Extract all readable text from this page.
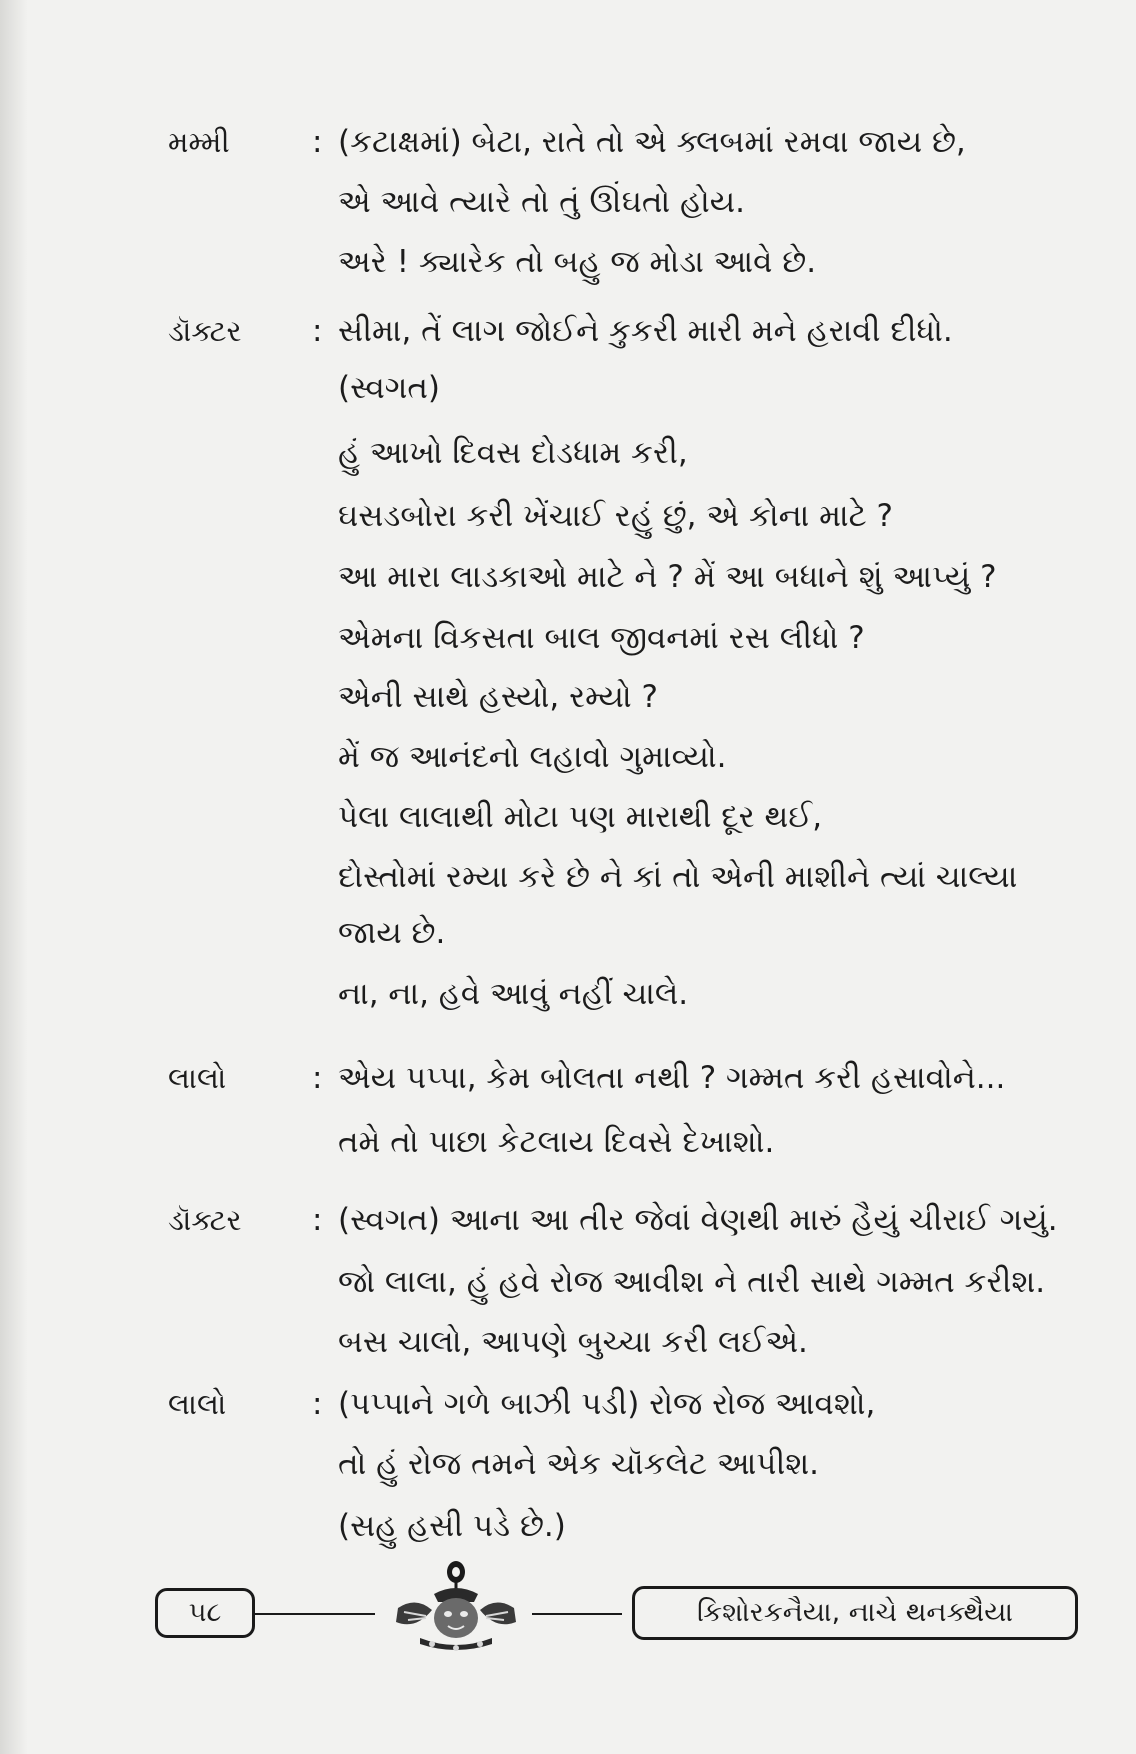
મમ્મી	: (કટાક્ષમાં) બેટા, રાતે તો એ ક્લબમાં રમવા જાય છે,
એ આવે ત્યારે તો તું ઊંઘતો હોય.
અરે ! ક્યારેક તો બહુ જ મોડા આવે છે.
ડૉક્ટર : સીમા, તેં લાગ જોઈને કુકરી મારી મને હરાવી દીધો.
(સ્વગત)
હું આખો દિવસ દોડધામ કરી,
ઘસડબોરા કરી ખેંચાઈ રહું છું, એ કોના માટે ?
આ મારા લાડકાઓ માટે ને ? મેં આ બધાને શું આપ્યું ?
એમના વિકસતા બાલ જીવનમાં રસ લીધો ?
એની સાથે હસ્યો, રમ્યો ?
મેં જ આનંદનો લહાવો ગુમાવ્યો.
પેલા લાલાથી મોટા પણ મારાથી દૂર થઈ,
દોસ્તોમાં રમ્યા કરે છે ને કાં તો એની માશીને ત્યાં ચાલ્યા
જાય છે.
ના, ના, હવે આવું નહીં ચાલે.
લાલો	: એય પપ્પા, કેમ બોલતા નથી ? ગમ્મત કરી હસાવોને...
તમે તો પાછા કેટલાય દિવસે દેખાશો.
ડૉક્ટર : (સ્વગત) આના આ તીર જેવાં વેણથી મારું હૈયું ચીરાઈ ગયું.
જો લાલા, હું હવે રોજ આવીશ ને તારી સાથે ગમ્મત કરીશ.
બસ ચાલો, આપણે બુચ્ચા કરી લઈએ.
લાલો	: (પપ્પાને ગળે બાઝી પડી) રોજ રોજ આવશો,
તો હું રોજ તમને એક ચૉકલેટ આપીશ.
(સહુ હસી પડે છે.)
૫૮	કિશોરકનૈયા, નાચે થનક્થૈયા
